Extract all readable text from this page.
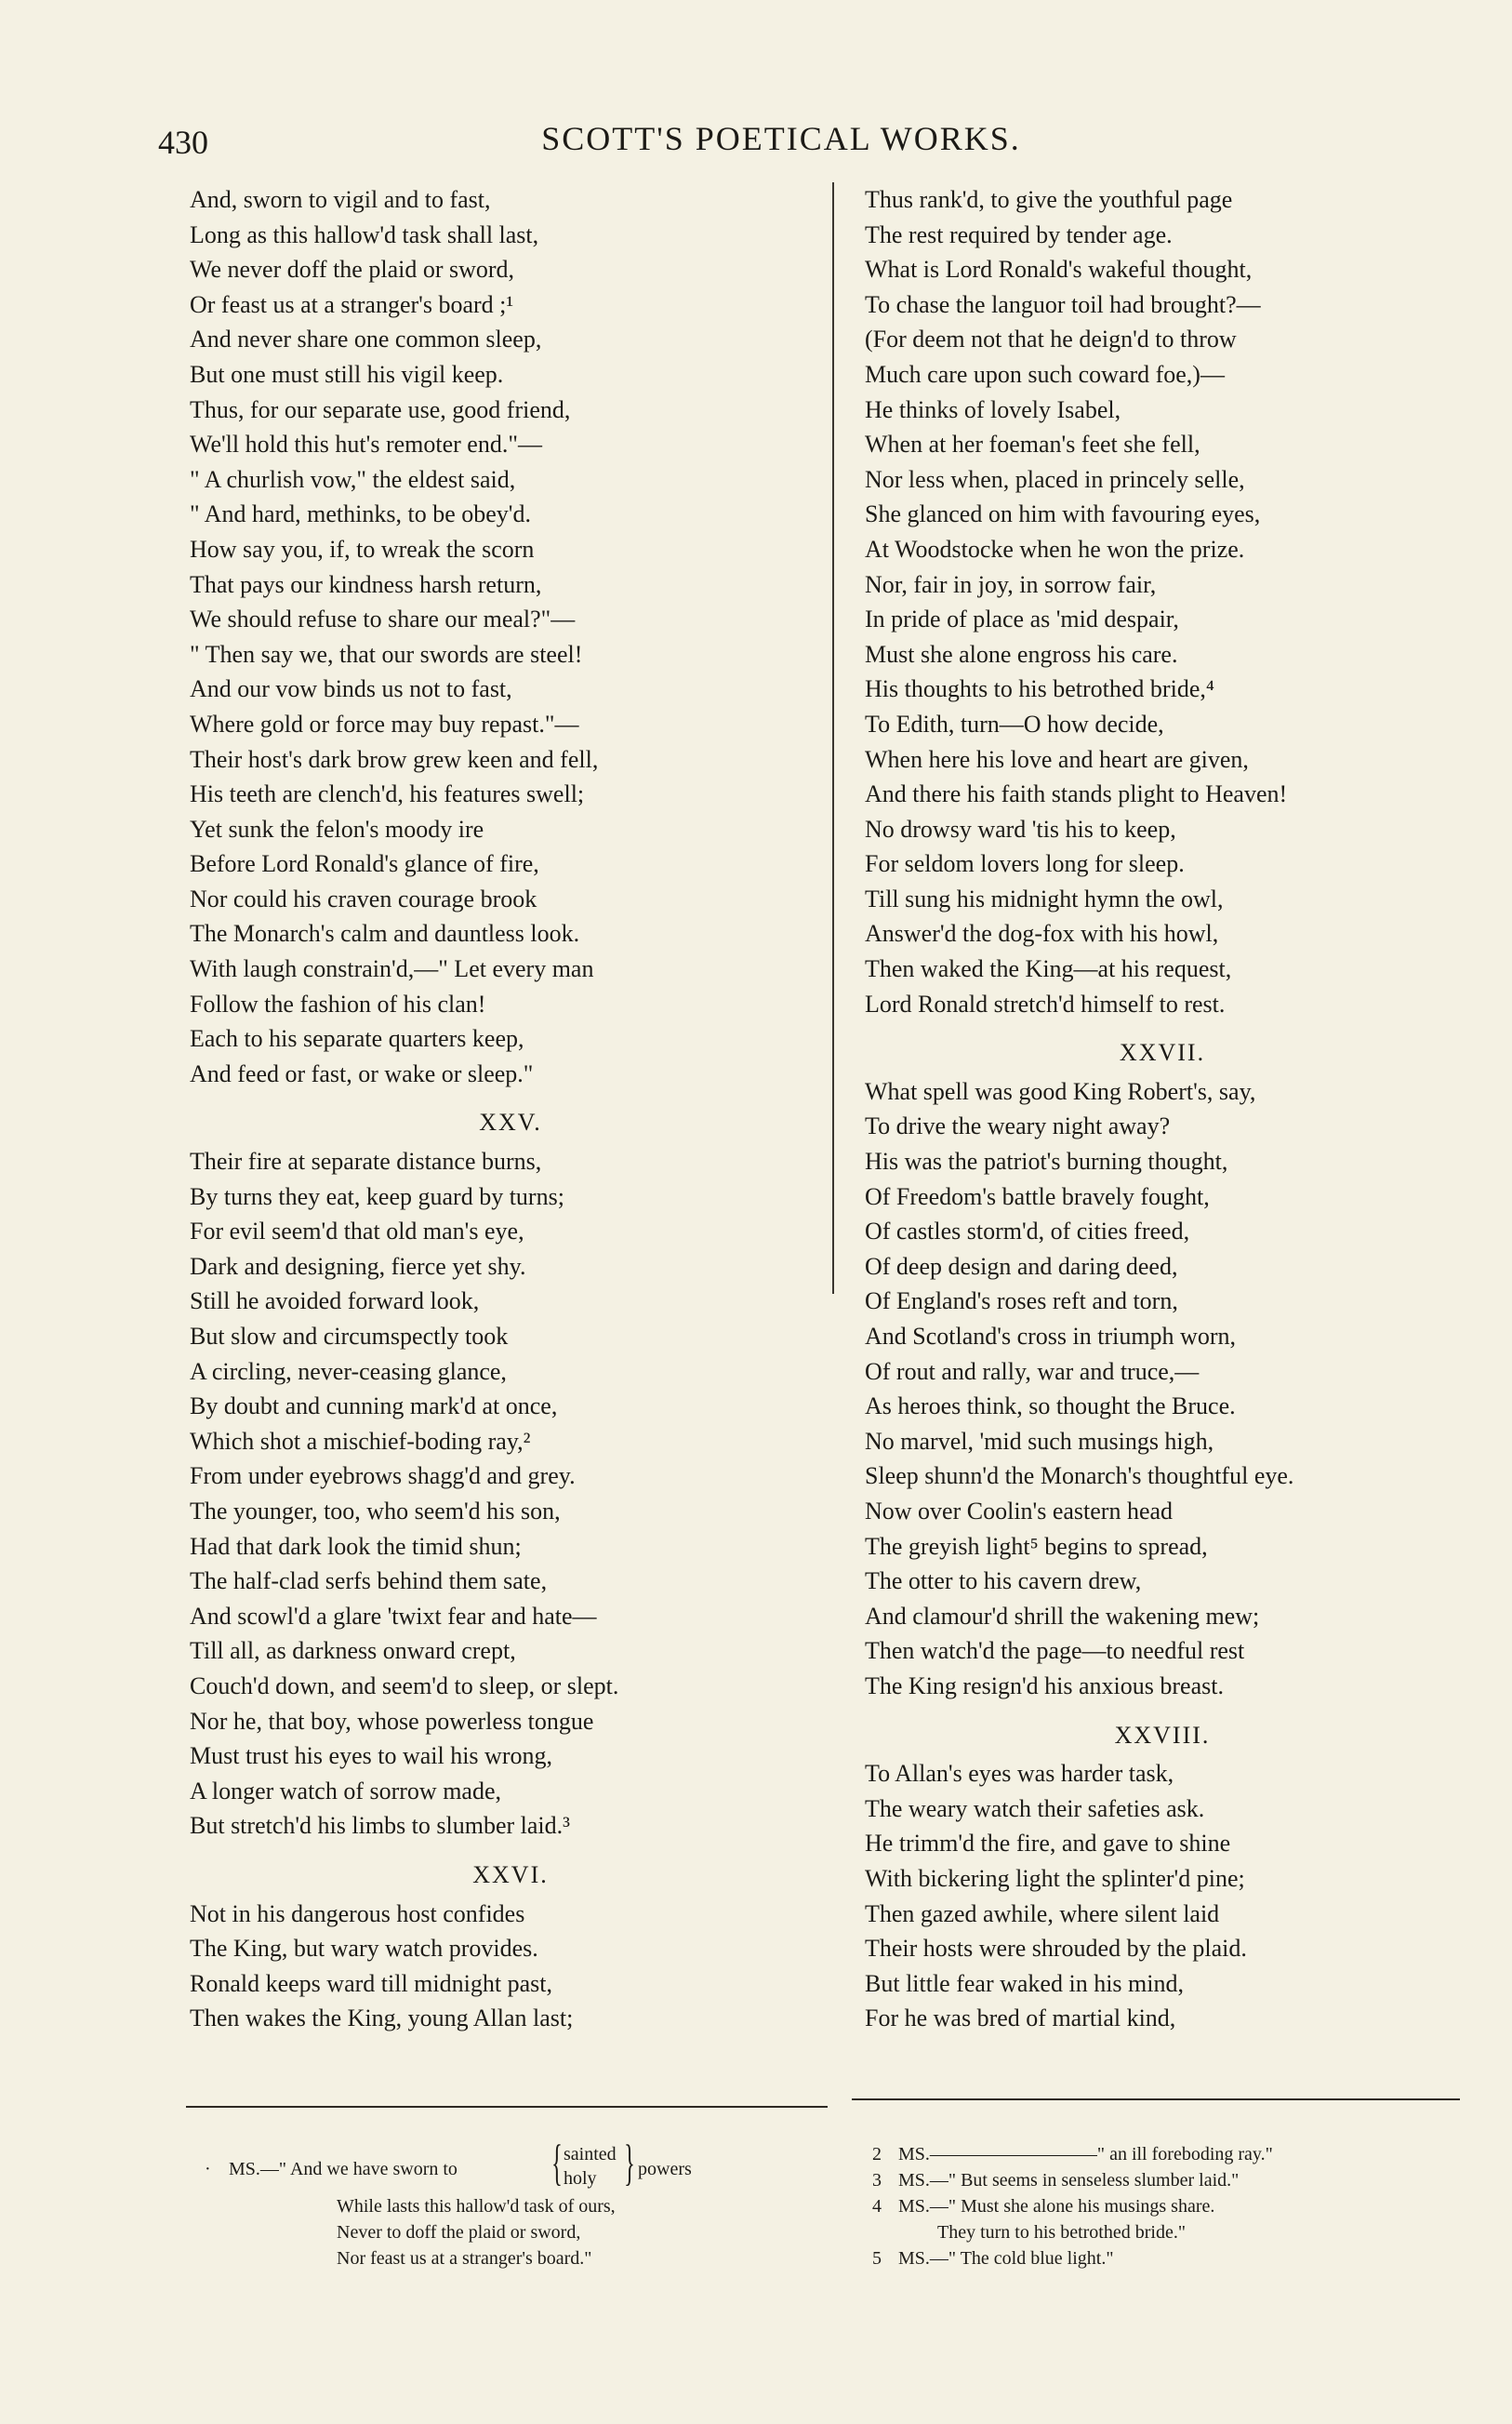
430	SCOTT'S POETICAL WORKS.
And, sworn to vigil and to fast,
Long as this hallow'd task shall last,
We never doff the plaid or sword,
Or feast us at a stranger's board ;¹
And never share one common sleep,
But one must still his vigil keep.
Thus, for our separate use, good friend,
We'll hold this hut's remoter end."—
" A churlish vow," the eldest said,
" And hard, methinks, to be obey'd.
How say you, if, to wreak the scorn
That pays our kindness harsh return,
We should refuse to share our meal?"—
" Then say we, that our swords are steel!
And our vow binds us not to fast,
Where gold or force may buy repast."—
Their host's dark brow grew keen and fell,
His teeth are clench'd, his features swell;
Yet sunk the felon's moody ire
Before Lord Ronald's glance of fire,
Nor could his craven courage brook
The Monarch's calm and dauntless look.
With laugh constrain'd,—" Let every man
Follow the fashion of his clan!
Each to his separate quarters keep,
And feed or fast, or wake or sleep."
XXV.
Their fire at separate distance burns,
By turns they eat, keep guard by turns;
For evil seem'd that old man's eye,
Dark and designing, fierce yet shy.
Still he avoided forward look,
But slow and circumspectly took
A circling, never-ceasing glance,
By doubt and cunning mark'd at once,
Which shot a mischief-boding ray,²
From under eyebrows shagg'd and grey.
The younger, too, who seem'd his son,
Had that dark look the timid shun;
The half-clad serfs behind them sate,
And scowl'd a glare 'twixt fear and hate—
Till all, as darkness onward crept,
Couch'd down, and seem'd to sleep, or slept.
Nor he, that boy, whose powerless tongue
Must trust his eyes to wail his wrong,
A longer watch of sorrow made,
But stretch'd his limbs to slumber laid.³
XXVI.
Not in his dangerous host confides
The King, but wary watch provides.
Ronald keeps ward till midnight past,
Then wakes the King, young Allan last;
Thus rank'd, to give the youthful page
The rest required by tender age.
What is Lord Ronald's wakeful thought,
To chase the languor toil had brought?—
(For deem not that he deign'd to throw
Much care upon such coward foe,)—
He thinks of lovely Isabel,
When at her foeman's feet she fell,
Nor less when, placed in princely selle,
She glanced on him with favouring eyes,
At Woodstocke when he won the prize.
Nor, fair in joy, in sorrow fair,
In pride of place as 'mid despair,
Must she alone engross his care.
His thoughts to his betrothed bride,⁴
To Edith, turn—O how decide,
When here his love and heart are given,
And there his faith stands plight to Heaven!
No drowsy ward 'tis his to keep,
For seldom lovers long for sleep.
Till sung his midnight hymn the owl,
Answer'd the dog-fox with his howl,
Then waked the King—at his request,
Lord Ronald stretch'd himself to rest.
XXVII.
What spell was good King Robert's, say,
To drive the weary night away?
His was the patriot's burning thought,
Of Freedom's battle bravely fought,
Of castles storm'd, of cities freed,
Of deep design and daring deed,
Of England's roses reft and torn,
And Scotland's cross in triumph worn,
Of rout and rally, war and truce,—
As heroes think, so thought the Bruce.
No marvel, 'mid such musings high,
Sleep shunn'd the Monarch's thoughtful eye.
Now over Coolin's eastern head
The greyish light⁵ begins to spread,
The otter to his cavern drew,
And clamour'd shrill the wakening mew;
Then watch'd the page—to needful rest
The King resign'd his anxious breast.
XXVIII.
To Allan's eyes was harder task,
The weary watch their safeties ask.
He trimm'd the fire, and gave to shine
With bickering light the splinter'd pine;
Then gazed awhile, where silent laid
Their hosts were shrouded by the plaid.
But little fear waked in his mind,
For he was bred of martial kind,
· MS.—" And we have sworn to { sainted
holy } powers
While lasts this hallow'd task of ours,
Never to doff the plaid or sword,
Nor feast us at a stranger's board."
2 MS.—————————" an ill foreboding ray."
3 MS.—" But seems in senseless slumber laid."
4 MS.—" Must she alone his musings share.
They turn to his betrothed bride."
5 MS.—" The cold blue light."
